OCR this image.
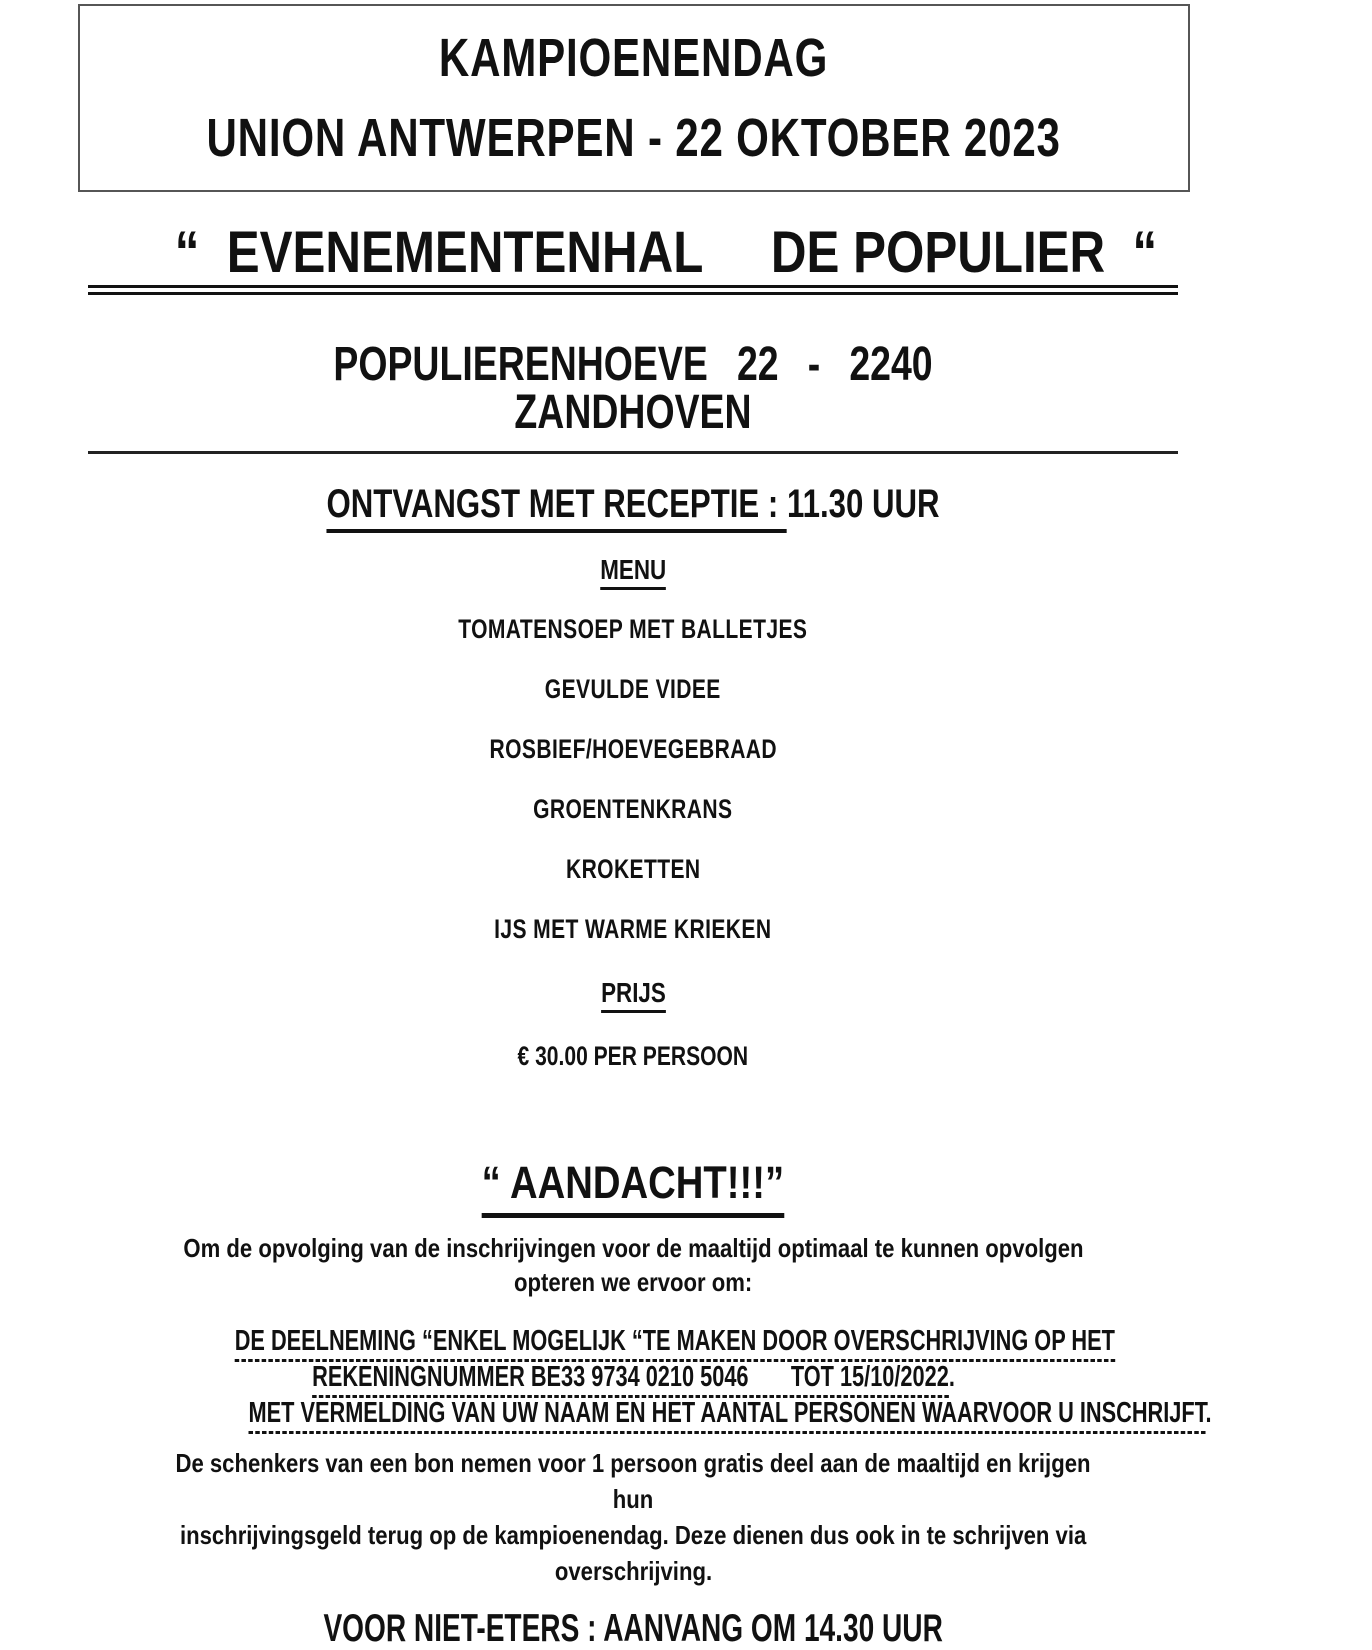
KAMPIOENENDAG
UNION ANTWERPEN - 22 OKTOBER 2023
“  EVENEMENTENHAL     DE POPULIER  “
POPULIERENHOEVE 22 - 2240 ZANDHOVEN
ONTVANGST MET RECEPTIE : 11.30 UUR
MENU
TOMATENSOEP MET BALLETJES
GEVULDE VIDEE
ROSBIEF/HOEVEGEBRAAD
GROENTENKRANS
KROKETTEN
IJS MET WARME KRIEKEN
PRIJS
€ 30.00 PER PERSOON
“ AANDACHT!!!”
Om de opvolging van de inschrijvingen voor de maaltijd optimaal te kunnen opvolgen
opteren we ervoor om:
DE DEELNEMING “ENKEL MOGELIJK “TE MAKEN DOOR OVERSCHRIJVING OP HET
REKENINGNUMMER BE33 9734 0210 5046       TOT 15/10/2022.
MET VERMELDING VAN UW NAAM EN HET AANTAL PERSONEN WAARVOOR U INSCHRIJFT.
De schenkers van een bon nemen voor 1 persoon gratis deel aan de maaltijd en krijgen hun
inschrijvingsgeld terug op de kampioenendag. Deze dienen dus ook in te schrijven via
overschrijving.
VOOR NIET-ETERS : AANVANG OM 14.30 UUR
